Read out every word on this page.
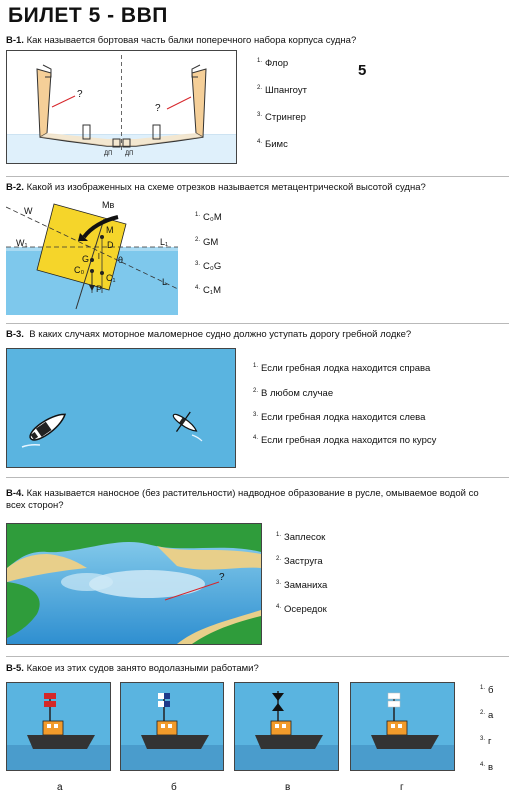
БИЛЕТ 5 - ВВП
В-1. Как называется бортовая часть балки поперечного набора корпуса судна?
?
?
ДП ДП
5
$^{1.}$ Флор
$^{2.}$ Шпангоут
$^{3.}$ Стрингер
$^{4.}$ Бимс
В-2. Какой из изображенных на схеме отрезков называется метацентрической высотой судна?
W
W₁	L₁
L
Mв
M
D
G l θ
C₀
C₁
P
$^{1.}$ C₀M
$^{2.}$ GM
$^{3.}$ C₀G
$^{4.}$ C₁M
В-3. В каких случаях моторное маломерное судно должно уступать дорогу гребной лодке?
$^{1.}$ Если гребная лодка находится справа
$^{2.}$ В любом случае
$^{3.}$ Если гребная лодка находится слева
$^{4.}$ Если гребная лодка находится по курсу
В-4. Как называется наносное (без растительности) надводное образование в русле, омываемое водой со
всех сторон?
?
$^{1.}$ Заплесок
$^{2.}$ Заструга
$^{3.}$ Заманиха
$^{4.}$ Осередок
В-5. Какое из этих судов занято водолазными работами?
а	б	в	г
$^{1.}$ б
$^{2.}$ а
$^{3.}$ г
$^{4.}$ в
